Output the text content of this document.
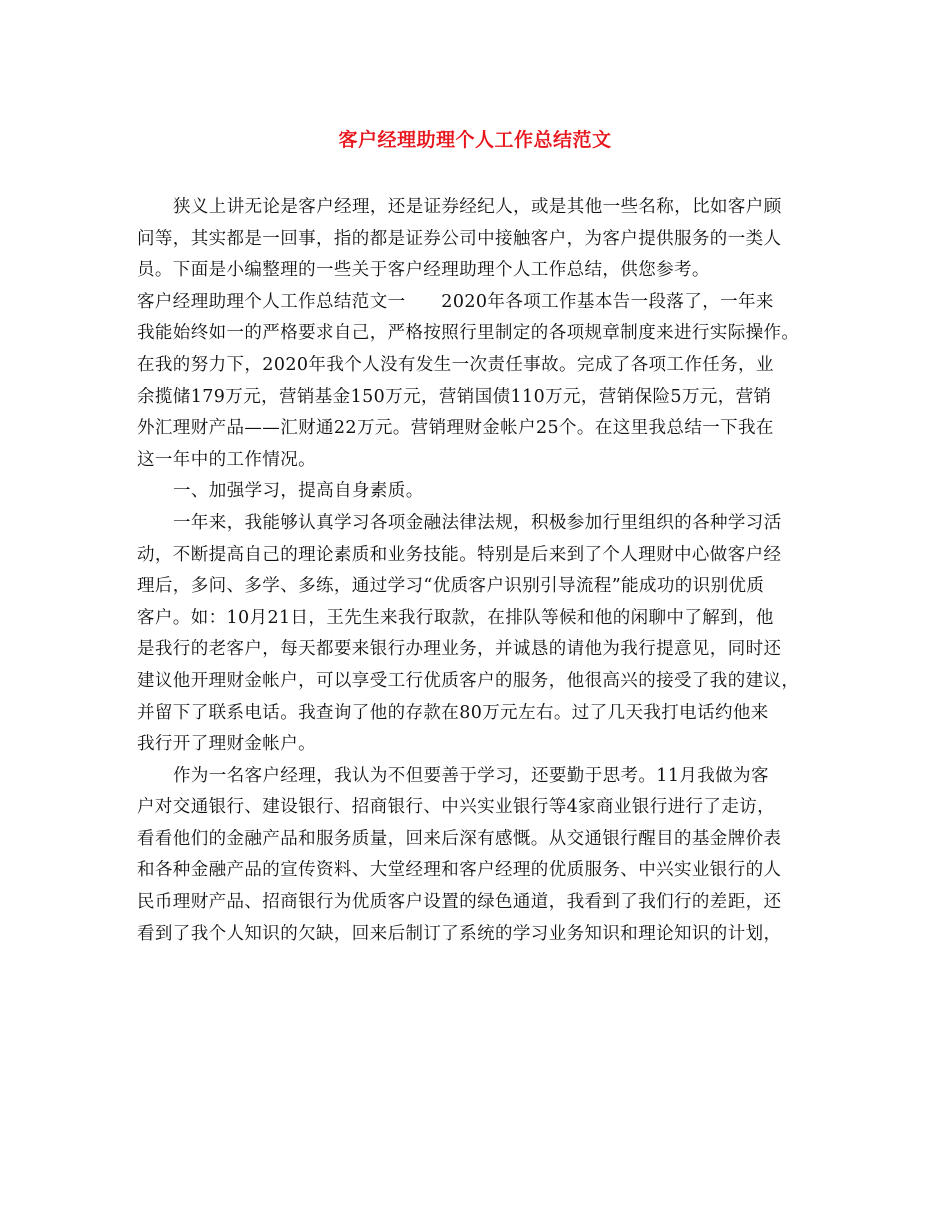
客户经理助理个人工作总结范文
狭义上讲无论是客户经理，还是证券经纪人，或是其他一些名称，比如客户顾
问等，其实都是一回事，指的都是证券公司中接触客户，为客户提供服务的一类人
员。下面是小编整理的一些关于客户经理助理个人工作总结，供您参考。
客户经理助理个人工作总结范文一　　2020年各项工作基本告一段落了，一年来
我能始终如一的严格要求自己，严格按照行里制定的各项规章制度来进行实际操作。
在我的努力下，2020年我个人没有发生一次责任事故。完成了各项工作任务，业
余揽储179万元，营销基金150万元，营销国债110万元，营销保险5万元，营销
外汇理财产品——汇财通22万元。营销理财金帐户25个。在这里我总结一下我在
这一年中的工作情况。
一、加强学习，提高自身素质。
一年来，我能够认真学习各项金融法律法规，积极参加行里组织的各种学习活
动，不断提高自己的理论素质和业务技能。特别是后来到了个人理财中心做客户经
理后，多问、多学、多练，通过学习“优质客户识别引导流程”能成功的识别优质
客户。如：10月21日，王先生来我行取款，在排队等候和他的闲聊中了解到，他
是我行的老客户，每天都要来银行办理业务，并诚恳的请他为我行提意见，同时还
建议他开理财金帐户，可以享受工行优质客户的服务，他很高兴的接受了我的建议，
并留下了联系电话。我查询了他的存款在80万元左右。过了几天我打电话约他来
我行开了理财金帐户。
作为一名客户经理，我认为不但要善于学习，还要勤于思考。11月我做为客
户对交通银行、建设银行、招商银行、中兴实业银行等4家商业银行进行了走访，
看看他们的金融产品和服务质量，回来后深有感慨。从交通银行醒目的基金牌价表
和各种金融产品的宣传资料、大堂经理和客户经理的优质服务、中兴实业银行的人
民币理财产品、招商银行为优质客户设置的绿色通道，我看到了我们行的差距，还
看到了我个人知识的欠缺，回来后制订了系统的学习业务知识和理论知识的计划，
